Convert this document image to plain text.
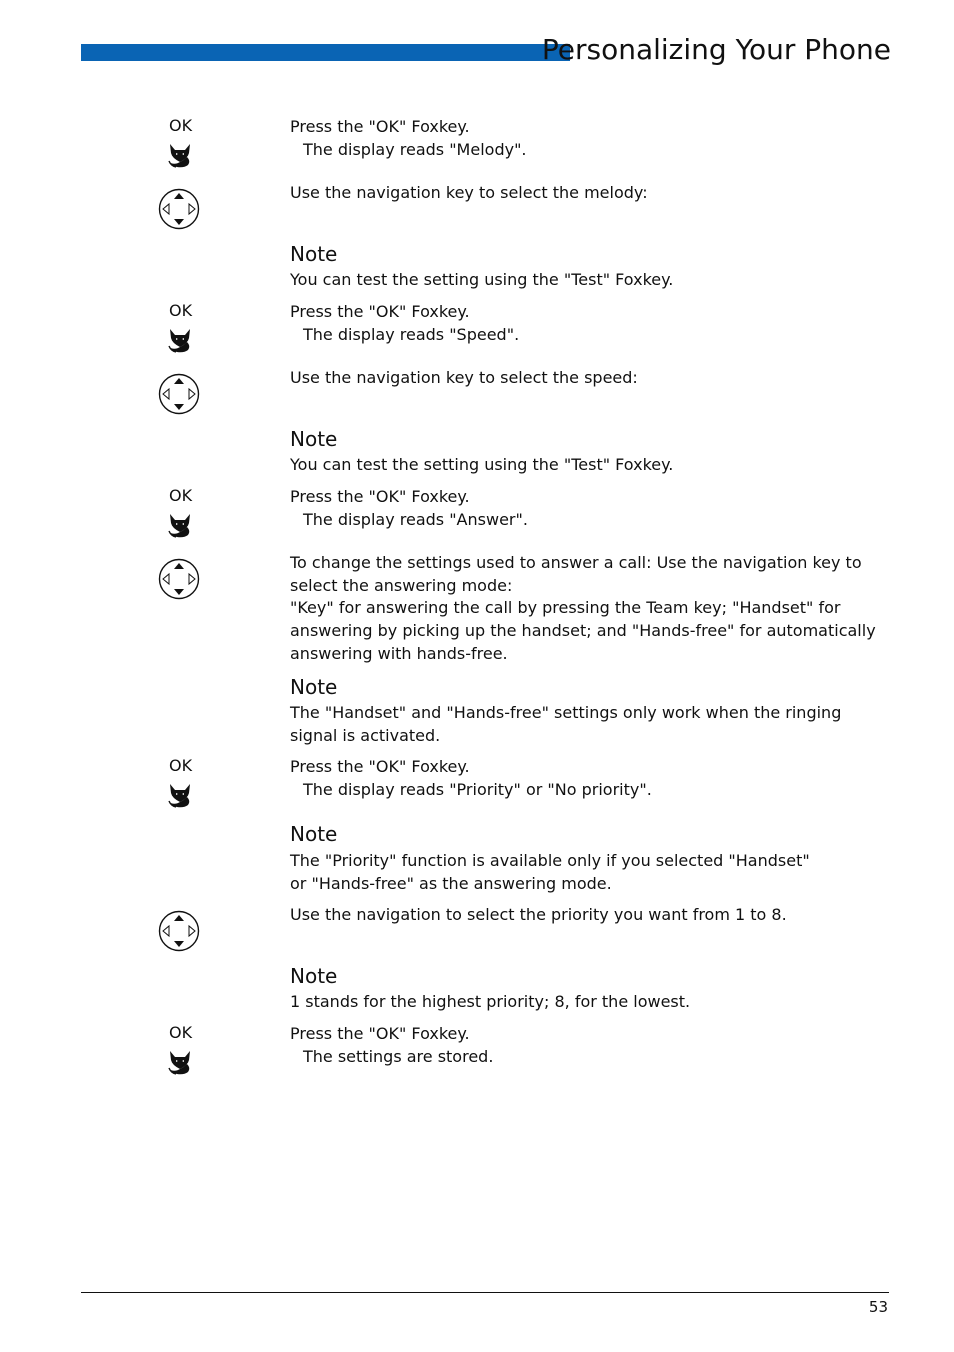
Personalizing Your Phone
OK	Press the "OK" Foxkey.
The display reads "Melody".
Use the navigation key to select the melody:
Note
You can test the setting using the "Test" Foxkey.
OK	Press the "OK" Foxkey.
The display reads "Speed".
Use the navigation key to select the speed:
Note
You can test the setting using the "Test" Foxkey.
OK	Press the "OK" Foxkey.
The display reads "Answer".
To change the settings used to answer a call: Use the navigation key to select the answering mode:
"Key" for answering the call by pressing the Team key; "Handset" for answering by picking up the handset; and "Hands-free" for automatically answering with hands-free.
Note
The "Handset" and "Hands-free" settings only work when the ringing signal is activated.
OK	Press the "OK" Foxkey.
The display reads "Priority" or "No priority".
Note
The "Priority" function is available only if you selected "Handset" or "Hands-free" as the answering mode.
Use the navigation to select the priority you want from 1 to 8.
Note
1 stands for the highest priority; 8, for the lowest.
OK	Press the "OK" Foxkey.
The settings are stored.
53
